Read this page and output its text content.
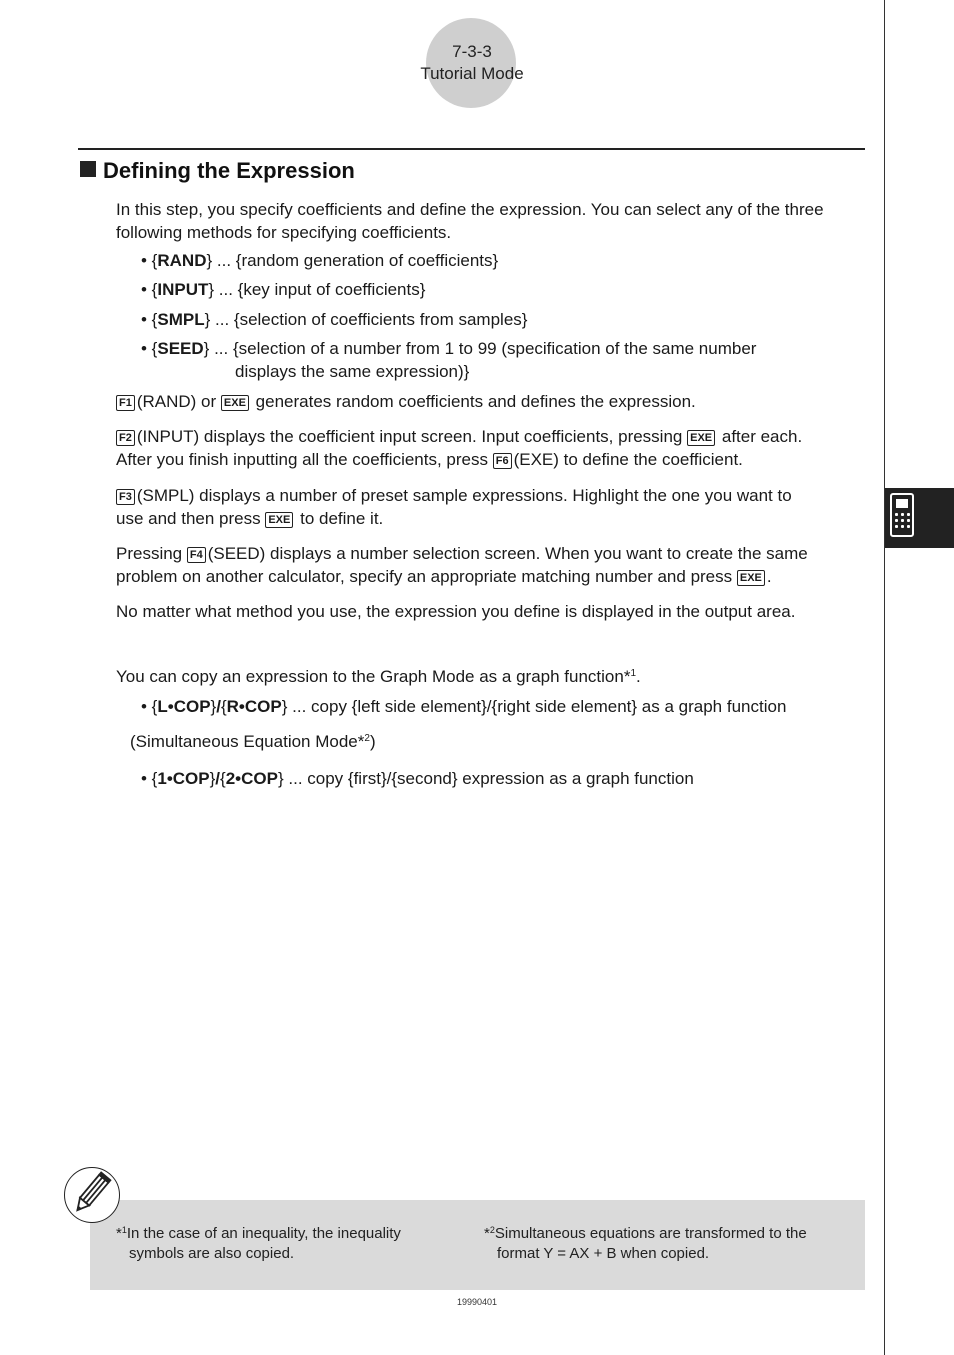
7-3-3
Tutorial Mode
Defining the Expression
In this step, you specify coefficients and define the expression. You can select any of the three following methods for specifying coefficients.
• {RAND} ... {random generation of coefficients}
• {INPUT} ... {key input of coefficients}
• {SMPL} ... {selection of coefficients from samples}
• {SEED} ... {selection of a number from 1 to 99 (specification of the same number
displays the same expression)}
F1 (RAND) or EXE generates random coefficients and defines the expression.
F2 (INPUT) displays the coefficient input screen. Input coefficients, pressing EXE after each.
After you finish inputting all the coefficients, press F6 (EXE) to define the coefficient.
F3 (SMPL) displays a number of preset sample expressions. Highlight the one you want to
use and then press EXE to define it.
Pressing F4 (SEED) displays a number selection screen. When you want to create the same
problem on another calculator, specify an appropriate matching number and press EXE .
No matter what method you use, the expression you define is displayed in the output area.
You can copy an expression to the Graph Mode as a graph function*$^1$.
• {L•COP}/{R•COP} ... copy {left side element}/{right side element} as a graph function
(Simultaneous Equation Mode*$^2$)
• {1•COP}/{2•COP} ... copy {first}/{second} expression as a graph function
*$^1$In the case of an inequality, the inequality
symbols are also copied.
*$^2$Simultaneous equations are transformed to the
format Y = AX + B when copied.
19990401
